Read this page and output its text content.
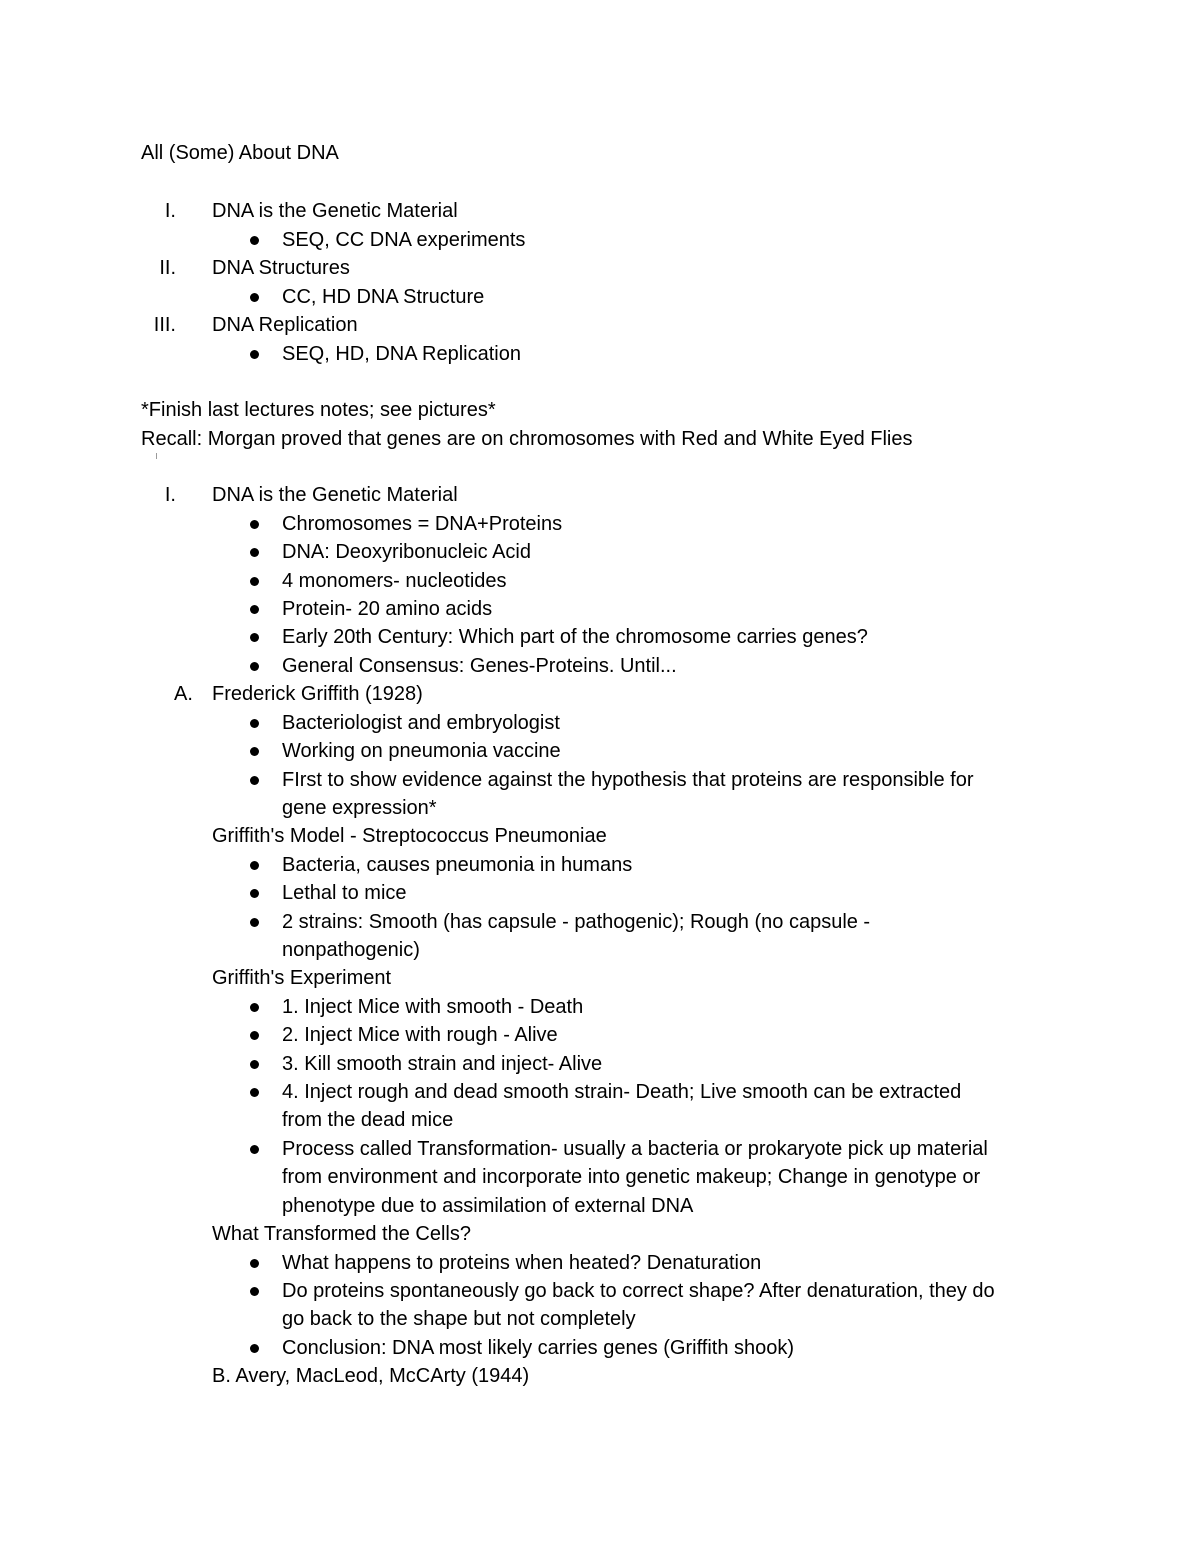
All (Some) About DNA
I. DNA is the Genetic Material
SEQ, CC DNA experiments
II. DNA Structures
CC, HD DNA Structure
III. DNA Replication
SEQ, HD, DNA Replication
*Finish last lectures notes; see pictures*
Recall: Morgan proved that genes are on chromosomes with Red and White Eyed Flies
I. DNA is the Genetic Material
Chromosomes = DNA+Proteins
DNA: Deoxyribonucleic Acid
4 monomers- nucleotides
Protein- 20 amino acids
Early 20th Century: Which part of the chromosome carries genes?
General Consensus: Genes-Proteins. Until...
A. Frederick Griffith (1928)
Bacteriologist and embryologist
Working on pneumonia vaccine
FIrst to show evidence against the hypothesis that proteins are responsible for
gene expression*
Griffith's Model - Streptococcus Pneumoniae
Bacteria, causes pneumonia in humans
Lethal to mice
2 strains: Smooth (has capsule - pathogenic); Rough (no capsule -
nonpathogenic)
Griffith's Experiment
1. Inject Mice with smooth - Death
2. Inject Mice with rough - Alive
3. Kill smooth strain and inject- Alive
4. Inject rough and dead smooth strain- Death; Live smooth can be extracted
from the dead mice
Process called Transformation- usually a bacteria or prokaryote pick up material
from environment and incorporate into genetic makeup; Change in genotype or
phenotype due to assimilation of external DNA
What Transformed the Cells?
What happens to proteins when heated? Denaturation
Do proteins spontaneously go back to correct shape? After denaturation, they do
go back to the shape but not completely
Conclusion: DNA most likely carries genes (Griffith shook)
B. Avery, MacLeod, McCArty (1944)
